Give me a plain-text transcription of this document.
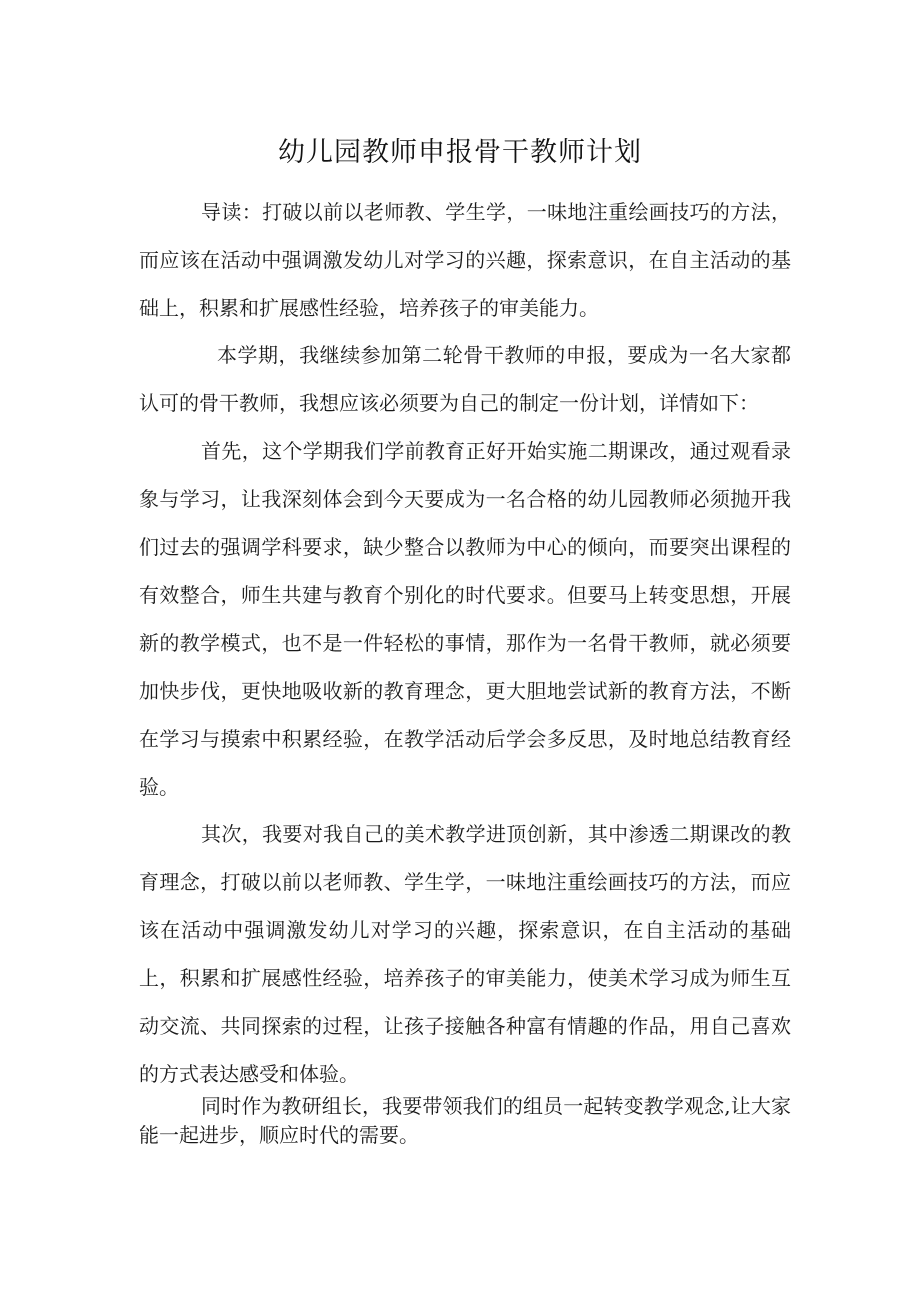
幼儿园教师申报骨干教师计划

导读：打破以前以老师教、学生学，一味地注重绘画技巧的方法，而应该在活动中强调激发幼儿对学习的兴趣，探索意识，在自主活动的基础上，积累和扩展感性经验，培养孩子的审美能力。

本学期，我继续参加第二轮骨干教师的申报，要成为一名大家都认可的骨干教师，我想应该必须要为自己的制定一份计划，详情如下：

首先，这个学期我们学前教育正好开始实施二期课改，通过观看录象与学习，让我深刻体会到今天要成为一名合格的幼儿园教师必须抛开我们过去的强调学科要求，缺少整合以教师为中心的倾向，而要突出课程的有效整合，师生共建与教育个别化的时代要求。但要马上转变思想，开展新的教学模式，也不是一件轻松的事情，那作为一名骨干教师，就必须要加快步伐，更快地吸收新的教育理念，更大胆地尝试新的教育方法，不断在学习与摸索中积累经验，在教学活动后学会多反思，及时地总结教育经验。

其次，我要对我自己的美术教学进顶创新，其中渗透二期课改的教育理念，打破以前以老师教、学生学，一味地注重绘画技巧的方法，而应该在活动中强调激发幼儿对学习的兴趣，探索意识，在自主活动的基础上，积累和扩展感性经验，培养孩子的审美能力，使美术学习成为师生互动交流、共同探索的过程，让孩子接触各种富有情趣的作品，用自己喜欢的方式表达感受和体验。

同时作为教研组长，我要带领我们的组员一起转变教学观念,让大家能一起进步，顺应时代的需要。
